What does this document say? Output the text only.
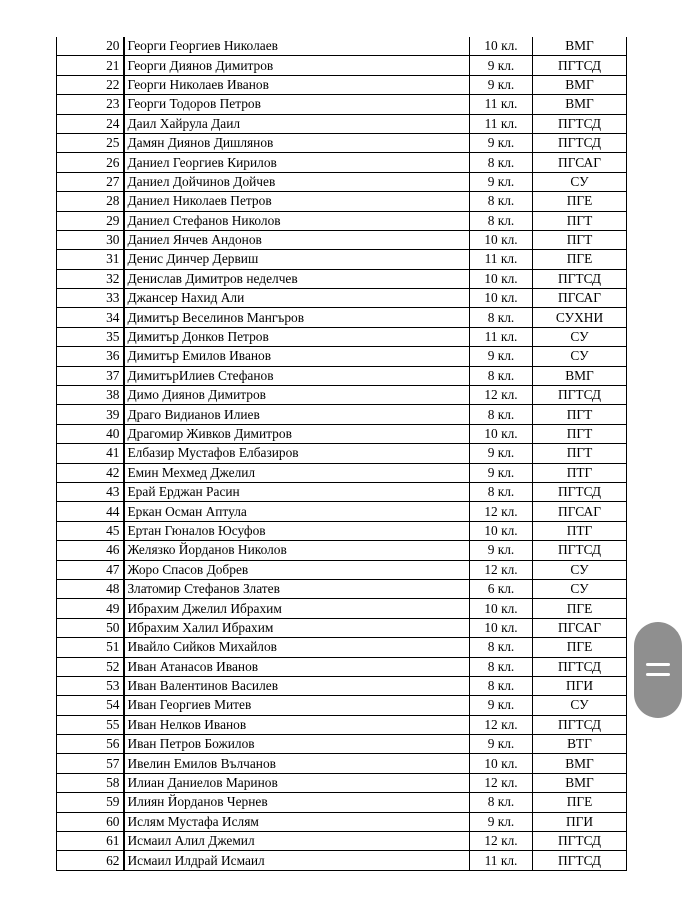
20	Георги Георгиев Николаев	10 кл.	ВМГ
21	Георги Диянов Димитров	9 кл.	ПГТСД
22	Георги Николаев Иванов	9 кл.	ВМГ
23	Георги Тодоров Петров	11 кл.	ВМГ
24	Даил Хайрула Даил	11 кл.	ПГТСД
25	Дамян Диянов Дишлянов	9 кл.	ПГТСД
26	Даниел Георгиев Кирилов	8 кл.	ПГСАГ
27	Даниел Дойчинов Дойчев	9 кл.	СУ
28	Даниел Николаев Петров	8 кл.	ПГЕ
29	Даниел Стефанов Николов	8 кл.	ПГТ
30	Даниел Янчев Андонов	10 кл.	ПГТ
31	Денис Динчер Дервиш	11 кл.	ПГЕ
32	Денислав Димитров неделчев	10 кл.	ПГТСД
33	Джансер Нахид Али	10 кл.	ПГСАГ
34	Димитър Веселинов Мангъров	8 кл.	СУХНИ
35	Димитър Донков Петров	11 кл.	СУ
36	Димитър Емилов Иванов	9 кл.	СУ
37	ДимитърИлиев Стефанов	8 кл.	ВМГ
38	Димо Диянов Димитров	12 кл.	ПГТСД
39	Драго Видианов Илиев	8 кл.	ПГТ
40	Драгомир Живков Димитров	10 кл.	ПГТ
41	Елбазир Мустафов Елбазиров	9 кл.	ПГТ
42	Емин Мехмед Джелил	9 кл.	ПТГ
43	Ерай Ерджан Расин	8 кл.	ПГТСД
44	Еркан Осман Аптула	12 кл.	ПГСАГ
45	Ертан Гюналов Юсуфов	10 кл.	ПТГ
46	Желязко Йорданов Николов	9 кл.	ПГТСД
47	Жоро Спасов Добрев	12 кл.	СУ
48	Златомир Стефанов Златев	6 кл.	СУ
49	Ибрахим Джелил Ибрахим	10 кл.	ПГЕ
50	Ибрахим Халил Ибрахим	10 кл.	ПГСАГ
51	Ивайло Сийков Михайлов	8 кл.	ПГЕ
52	Иван Атанасов Иванов	8 кл.	ПГТСД
53	Иван Валентинов Василев	8 кл.	ПГИ
54	Иван Георгиев Митев	9 кл.	СУ
55	Иван Нелков Иванов	12 кл.	ПГТСД
56	Иван Петров Божилов	9 кл.	ВТГ
57	Ивелин Емилов Вълчанов	10 кл.	ВМГ
58	Илиан Даниелов Маринов	12 кл.	ВМГ
59	Илиян Йорданов Чернев	8 кл.	ПГЕ
60	Ислям Мустафа Ислям	9 кл.	ПГИ
61	Исмаил Алил Джемил	12 кл.	ПГТСД
62	Исмаил Илдрай Исмаил	11 кл.	ПГТСД
